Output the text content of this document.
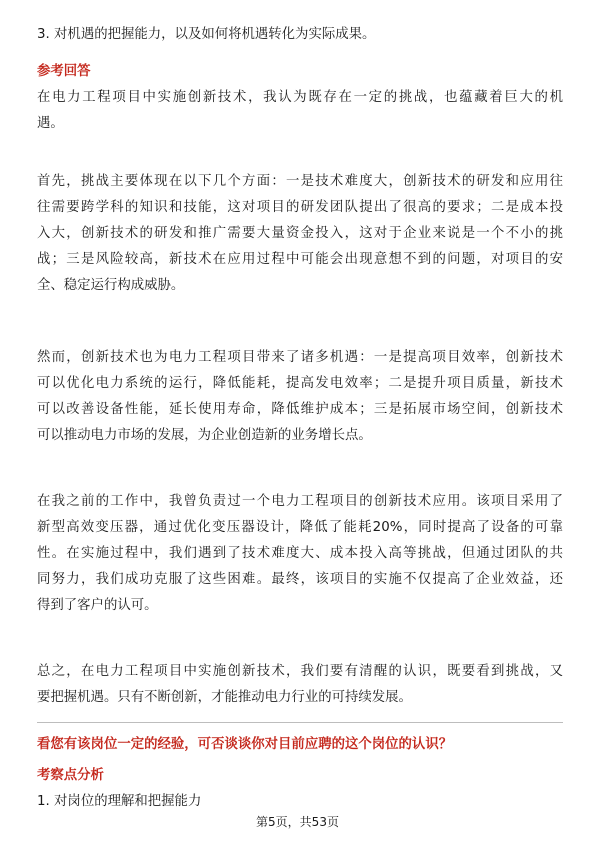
3. 对机遇的把握能力，以及如何将机遇转化为实际成果。
参考回答

在电力工程项目中实施创新技术，我认为既存在一定的挑战，也蕴藏着巨大的机

遇。

首先，挑战主要体现在以下几个方面：一是技术难度大，创新技术的研发和应用往

往需要跨学科的知识和技能，这对项目的研发团队提出了很高的要求；二是成本投

入大，创新技术的研发和推广需要大量资金投入，这对于企业来说是一个不小的挑

战；三是风险较高，新技术在应用过程中可能会出现意想不到的问题，对项目的安

全、稳定运行构成威胁。

然而，创新技术也为电力工程项目带来了诸多机遇：一是提高项目效率，创新技术

可以优化电力系统的运行，降低能耗，提高发电效率；二是提升项目质量，新技术

可以改善设备性能，延长使用寿命，降低维护成本；三是拓展市场空间，创新技术

可以推动电力市场的发展，为企业创造新的业务增长点。

在我之前的工作中，我曾负责过一个电力工程项目的创新技术应用。该项目采用了

新型高效变压器，通过优化变压器设计，降低了能耗20%，同时提高了设备的可靠

性。在实施过程中，我们遇到了技术难度大、成本投入高等挑战，但通过团队的共

同努力，我们成功克服了这些困难。最终，该项目的实施不仅提高了企业效益，还

得到了客户的认可。

总之，在电力工程项目中实施创新技术，我们要有清醒的认识，既要看到挑战，又

要把握机遇。只有不断创新，才能推动电力行业的可持续发展。

看您有该岗位一定的经验，可否谈谈你对目前应聘的这个岗位的认识？
考察点分析
1. 对岗位的理解和把握能力
第5页，共53页
